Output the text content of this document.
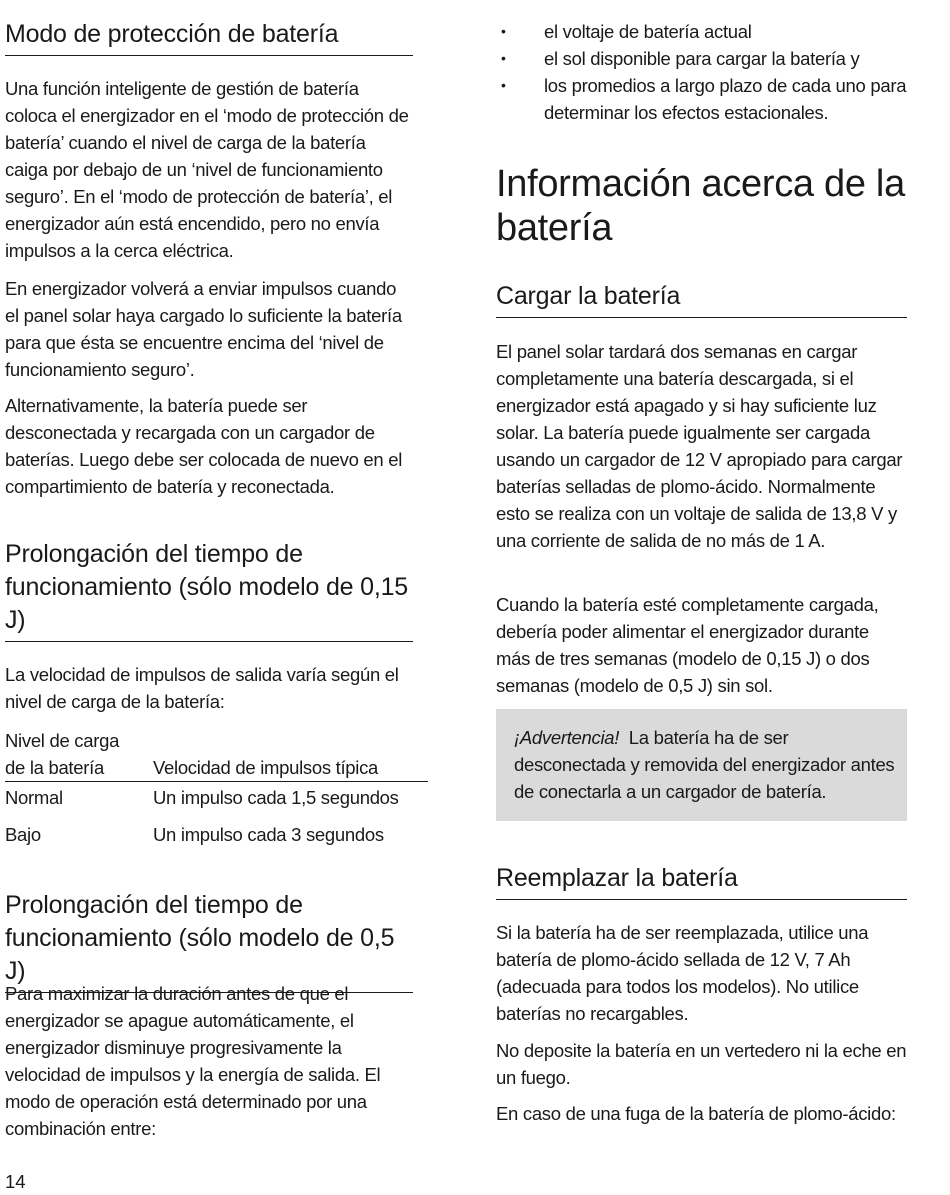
Modo de protección de batería

Una función inteligente de gestión de batería coloca el energizador en el ‘modo de protección de batería’ cuando el nivel de carga de la batería caiga por debajo de un ‘nivel de funcionamiento seguro’. En el ‘modo de protección de batería’, el energizador aún está encendido, pero no envía impulsos a la cerca eléctrica.

En energizador volverá a enviar impulsos cuando el panel solar haya cargado lo suficiente la batería para que ésta se encuentre encima del ‘nivel de funcionamiento seguro’.

Alternativamente, la batería puede ser desconectada y recargada con un cargador de baterías. Luego debe ser colocada de nuevo en el compartimiento de batería y reconectada.

Prolongación del tiempo de funcionamiento (sólo modelo de 0,15 J)

La velocidad de impulsos de salida varía según el nivel de carga de la batería:

Nivel de carga
de la batería	Velocidad de impulsos típica
Normal	Un impulso cada 1,5 segundos
Bajo	Un impulso cada 3 segundos
Prolongación del tiempo de funcionamiento (sólo modelo de 0,5 J)

Para maximizar la duración antes de que el energizador se apague automáticamente, el energizador disminuye progresivamente la velocidad de impulsos y la energía de salida. El modo de operación está determinado por una combinación entre:

• el voltaje de batería actual
• el sol disponible para cargar la batería y
• los promedios a largo plazo de cada uno para determinar los efectos estacionales.
Información acerca de la batería
Cargar la batería

El panel solar tardará dos semanas en cargar completamente una batería descargada, si el energizador está apagado y si hay suficiente luz solar. La batería puede igualmente ser cargada usando un cargador de 12 V apropiado para cargar baterías selladas de plomo-ácido. Normalmente esto se realiza con un voltaje de salida de 13,8 V y una corriente de salida de no más de 1 A.

Cuando la batería esté completamente cargada, debería poder alimentar el energizador durante más de tres semanas (modelo de 0,15 J) o dos semanas (modelo de 0,5 J) sin sol.

¡Advertencia! La batería ha de ser desconectada y removida del energizador antes de conectarla a un cargador de batería.

Reemplazar la batería

Si la batería ha de ser reemplazada, utilice una batería de plomo-ácido sellada de 12 V, 7 Ah (adecuada para todos los modelos). No utilice baterías no recargables.

No deposite la batería en un vertedero ni la eche en un fuego.

En caso de una fuga de la batería de plomo-ácido:

14
